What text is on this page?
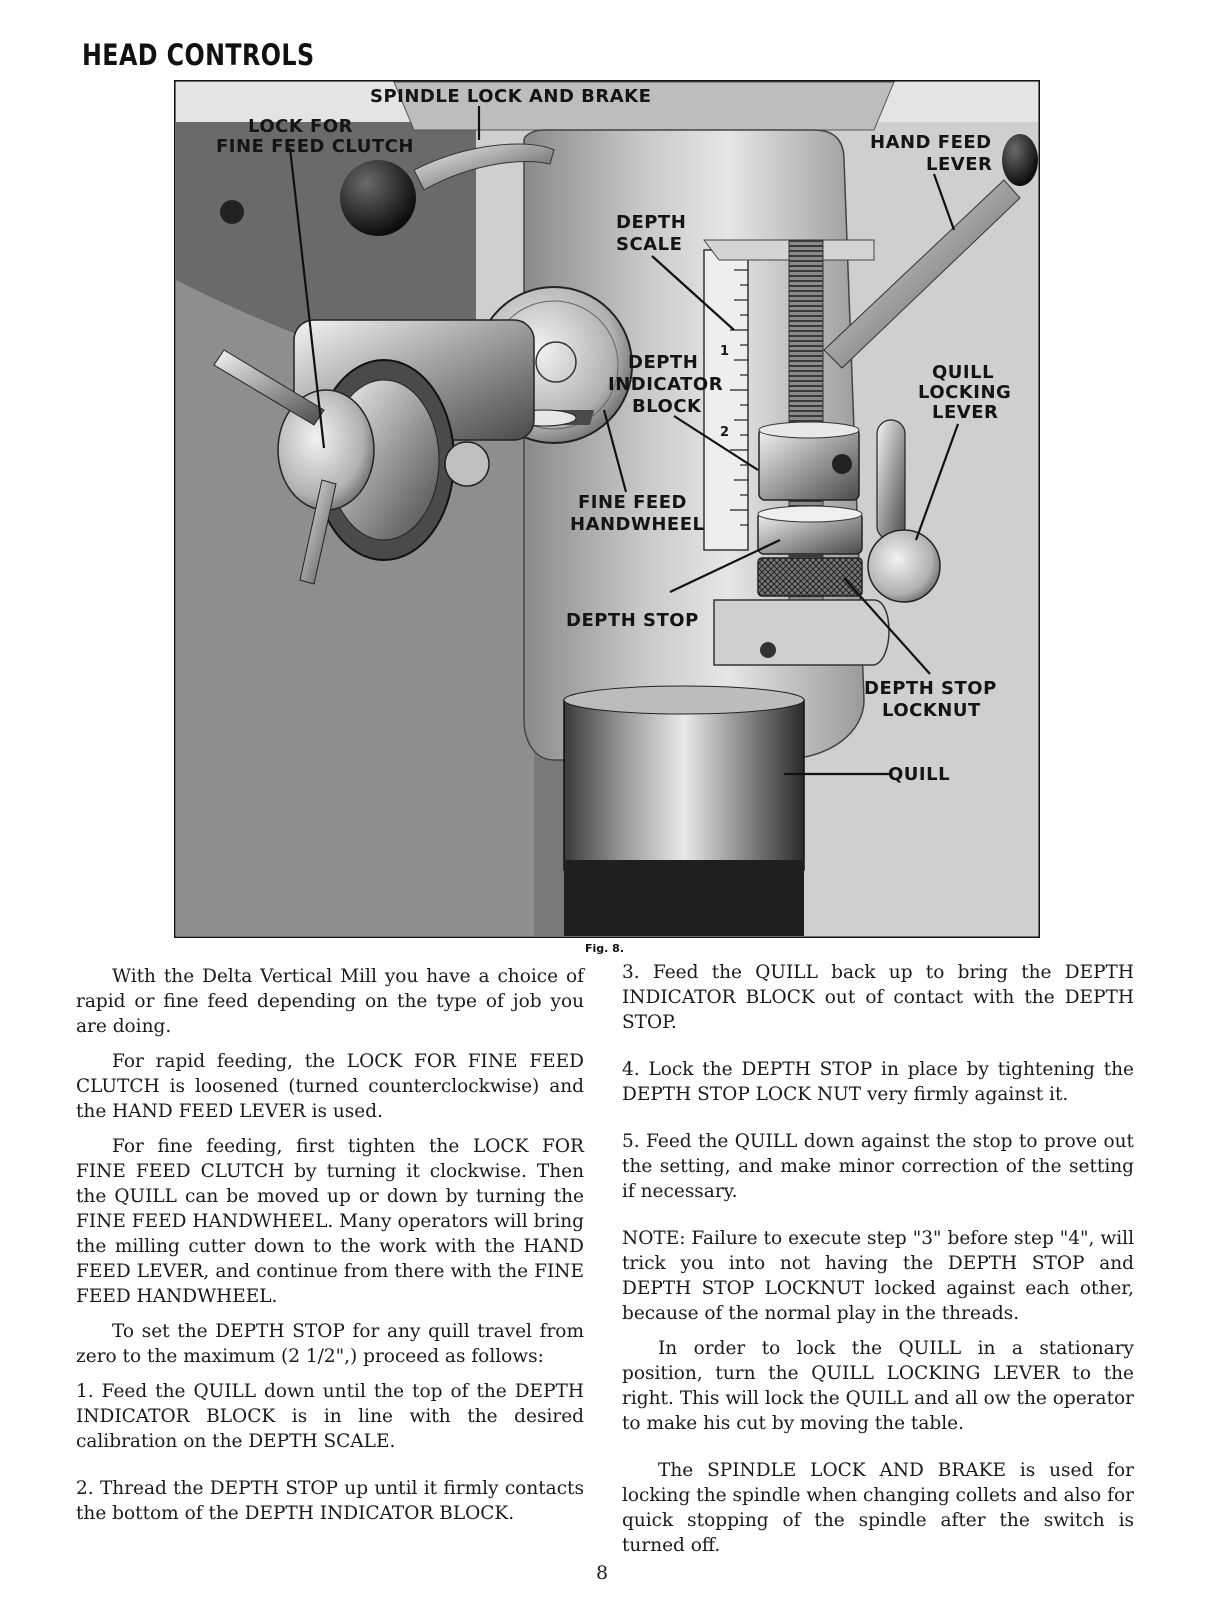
HEAD CONTROLS
1
2
SPINDLE LOCK AND BRAKE
LOCK FOR
FINE FEED CLUTCH	HAND FEED
LEVER
DEPTH
SCALE
DEPTH
INDICATOR
BLOCK
QUILL
LOCKING
LEVER
FINE FEED
HANDWHEEL
DEPTH STOP
DEPTH STOP
LOCKNUT
QUILL
Fig. 8.

With the Delta Vertical Mill you have a choice of rapid or fine feed depending on the type of job you are doing.

For rapid feeding, the LOCK FOR FINE FEED CLUTCH is loosened (turned counterclockwise) and the HAND FEED LEVER is used.

For fine feeding, first tighten the LOCK FOR FINE FEED CLUTCH by turning it clockwise. Then the QUILL can be moved up or down by turning the FINE FEED HANDWHEEL. Many operators will bring the milling cutter down to the work with the HAND FEED LEVER, and continue from there with the FINE FEED HANDWHEEL.

To set the DEPTH STOP for any quill travel from zero to the maximum (2 1/2",) proceed as follows:

1. Feed the QUILL down until the top of the DEPTH INDICATOR BLOCK is in line with the desired calibration on the DEPTH SCALE.

2. Thread the DEPTH STOP up until it firmly contacts the bottom of the DEPTH INDICATOR BLOCK.

3. Feed the QUILL back up to bring the DEPTH INDICATOR BLOCK out of contact with the DEPTH STOP.

4. Lock the DEPTH STOP in place by tightening the DEPTH STOP LOCK NUT very firmly against it.

5. Feed the QUILL down against the stop to prove out the setting, and make minor correction of the setting if necessary.

NOTE: Failure to execute step "3" before step "4", will trick you into not having the DEPTH STOP and DEPTH STOP LOCKNUT locked against each other, because of the normal play in the threads.

In order to lock the QUILL in a stationary position, turn the QUILL LOCKING LEVER to the right. This will lock the QUILL and all ow the operator to make his cut by moving the table.

The SPINDLE LOCK AND BRAKE is used for locking the spindle when changing collets and also for quick stopping of the spindle after the switch is turned off.

8
